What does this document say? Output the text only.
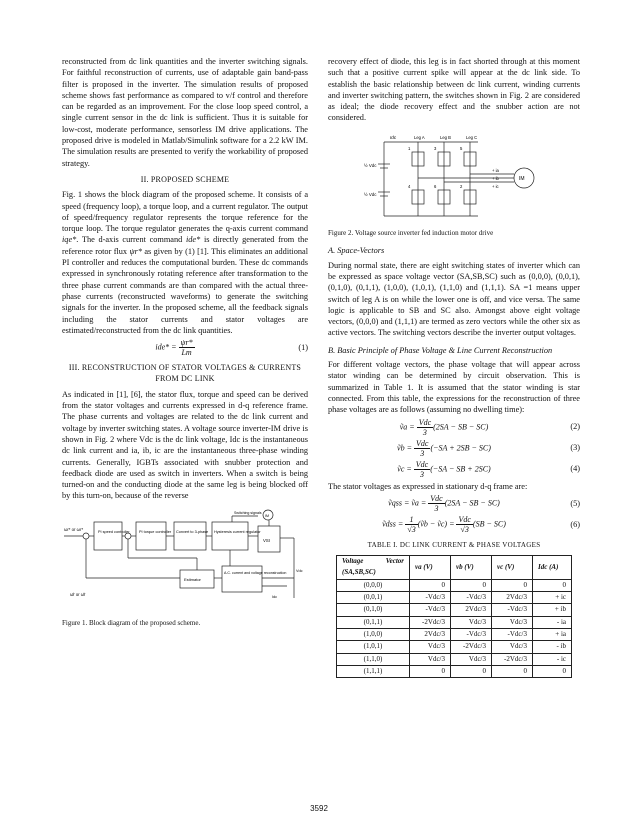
reconstructed from dc link quantities and the inverter switching signals. For faithful reconstruction of currents, use of adaptable gain band-pass filter is proposed in the inverter. The simulation results of proposed scheme shows fast performance as compared to v/f control and therefore can be regarded as an improvement. For the close loop speed control, a single current sensor in the dc link is sufficient. Thus it is suitable for low-cost, moderate performance, sensorless IM drive applications. The proposed drive is modeled in Matlab/Simulink software for a 2.2 kW IM. The simulation results are presented to verify the workability of proposed strategy.

II. PROPOSED SCHEME

Fig. 1 shows the block diagram of the proposed scheme. It consists of a speed (frequency loop), a torque loop, and a current regulator. The output of speed/frequency regulator represents the torque reference for the torque loop. The torque regulator generates the q-axis current command iqe*. The d-axis current command ide* is directly generated from the reference rotor flux ψr* as given by (1) [1]. This eliminates an additional PI controller and reduces the computational burden. These dc commands expressed in synchronously rotating reference after transformation to the three phase current commands are than compared with the actual three-phase currents (reconstructed waveforms) to generate the switching signals for the inverter. In the proposed scheme, all the feedback signals including the stator currents and stator voltages are estimated/reconstructed from the dc link quantities.

$ide* = \frac{\psi r*}{Lm}$	(1)
III. RECONSTRUCTION OF STATOR VOLTAGES & CURRENTS FROM DC LINK

As indicated in [1], [6], the stator flux, torque and speed can be derived from the stator voltages and currents expressed in d-q reference frame. The phase currents and voltages are related to the dc link current and voltage by inverter switching states. A voltage source inverter-IM drive is shown in Fig. 2 where Vdc is the dc link voltage, Idc is the instantaneous dc link current and ia, ib, ic are the instantaneous three-phase winding currents. Generally, IGBTs associated with snubber protection and feedback diode are used as switch in inverters. When a switch is being turned-on and the conducting diode at the same leg is being blocked off by this turn-on, because of the reverse

ωr* or ωr*	PI speed controller PI torque controller Convert to 3-phase Hysteresis current regulator
VSI
IM
Switching signals
Estimator
A.C. current and voltage reconstruction
ω̂r or ω̂r
Vdc
Idc
Figure 1. Block diagram of the proposed scheme.

recovery effect of diode, this leg is in fact shorted through at this moment such that a positive current spike will appear at the dc link side. To establish the basic relationship between dc link current, winding currents and inverter switching pattern, the switches shown in Fig. 2 are considered as ideal; the diode recovery effect and the snubber action are not considered.

Idc	Leg A	Leg B	Leg C
½ Vdc
½ Vdc
+ ia
+ ib
+ ic
IM
1	3	5
4	6	2
Figure 2. Voltage source inverter fed induction motor drive
A. Space-Vectors

During normal state, there are eight switching states of inverter which can be expressed as space voltage vector (SA,SB,SC) such as (0,0,0), (0,0,1), (0,1,0), (0,1,1), (1,0,0), (1,0,1), (1,1,0) and (1,1,1). SA =1 means upper switch of leg A is on while the lower one is off, and vice versa. The same logic is applicable to SB and SC also. Amongst above eight voltage vectors, (0,0,0) and (1,1,1) are termed as zero vectors while the other six as active vectors. The switching vectors describe the inverter output voltages.

B. Basic Principle of Phase Voltage & Line Current Reconstruction

For different voltage vectors, the phase voltage that will appear across stator winding can be determined by circuit observation. This is summarized in Table 1. It is assumed that the stator winding is star connected. From this table, the expressions for the reconstruction of three phase voltages are as follows (assuming no dwelling time):

ṽa = $\frac{\text{Vdc}}{3} (2SA$ − SB − SC)	(2)
ṽb = $\frac{\text{Vdc}}{3} (-SA + 2SB - SC)$	(3)
ṽc = $\frac{\text{Vdc}}{3} (-SA$ − SB + 2SC)	(4)

The stator voltages as expressed in stationary d-q frame are:

ṽqss = ṽa = $\frac{\text{Vdc}}{3} (2SA$ − SB − SC)	(5)
ṽdss = $\frac{1}{√3}$ (ṽb − ṽc) = $\frac{\text{Vdc}}{√3} (SB - SC)$	(6)
TABLE I. DC LINK CURRENT & PHASE VOLTAGES
Voltage Vector (SA,SB,SC)	va (V)	vb (V)	vc (V)	Idc (A)
(0,0,0)	0	0	0	0
(0,0,1)	-Vdc/3	-Vdc/3	2Vdc/3	+ ic
(0,1,0)	-Vdc/3	2Vdc/3	-Vdc/3	+ ib
(0,1,1)	-2Vdc/3	Vdc/3	Vdc/3	- ia
(1,0,0)	2Vdc/3	-Vdc/3	-Vdc/3	+ ia
(1,0,1)	Vdc/3	-2Vdc/3	Vdc/3	- ib
(1,1,0)	Vdc/3	Vdc/3	-2Vdc/3	- ic
(1,1,1)	0	0	0	0
3592
